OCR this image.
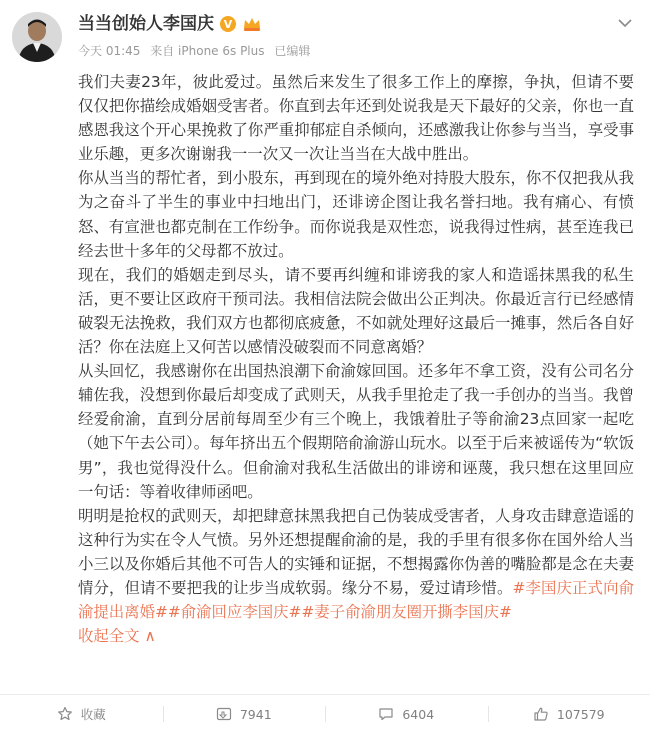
当当创始人李国庆 V
今天 01:45 来自 iPhone 6s Plus 已编辑

我们夫妻23年，彼此爱过。虽然后来发生了很多工作上的摩擦，争执，但请不要仅仅把你描绘成婚姻受害者。你直到去年还到处说我是天下最好的父亲，你也一直感恩我这个开心果挽救了你严重抑郁症自杀倾向，还感激我让你参与当当，享受事业乐趣，更多次谢谢我一一次又一次让当当在大战中胜出。

你从当当的帮忙者，到小股东，再到现在的境外绝对持股大股东，你不仅把我从我为之奋斗了半生的事业中扫地出门，还诽谤企图让我名誉扫地。我有痛心、有愤怒、有宣泄也都克制在工作纷争。而你说我是双性恋，说我得过性病，甚至连我已经去世十多年的父母都不放过。

现在，我们的婚姻走到尽头，请不要再纠缠和诽谤我的家人和造谣抹黑我的私生活，更不要让区政府干预司法。我相信法院会做出公正判决。你最近言行已经感情破裂无法挽救，我们双方也都彻底疲惫，不如就处理好这最后一摊事，然后各自好活？你在法庭上又何苦以感情没破裂而不同意离婚？

从头回忆，我感谢你在出国热浪潮下俞渝嫁回国。还多年不拿工资，没有公司名分辅佐我，没想到你最后却变成了武则天，从我手里抢走了我一手创办的当当。我曾经爱俞渝，直到分居前每周至少有三个晚上，我饿着肚子等俞渝23点回家一起吃（她下午去公司）。每年挤出五个假期陪俞渝游山玩水。以至于后来被谣传为“软饭男”，我也觉得没什么。但俞渝对我私生活做出的诽谤和诬蔑，我只想在这里回应一句话：等着收律师函吧。

明明是抢权的武则天，却把肆意抹黑我把自己伪装成受害者，人身攻击肆意造谣的这种行为实在令人气愤。另外还想提醒俞渝的是，我的手里有很多你在国外给人当小三以及你婚后其他不可告人的实锤和证据，不想揭露你伪善的嘴脸都是念在夫妻情分，但请不要把我的让步当成软弱。缘分不易，爱过请珍惜。#李国庆正式向俞渝提出离婚##俞渝回应李国庆##妻子俞渝朋友圈开撕李国庆#

收起全文 ∧
收藏	7941	6404	107579
